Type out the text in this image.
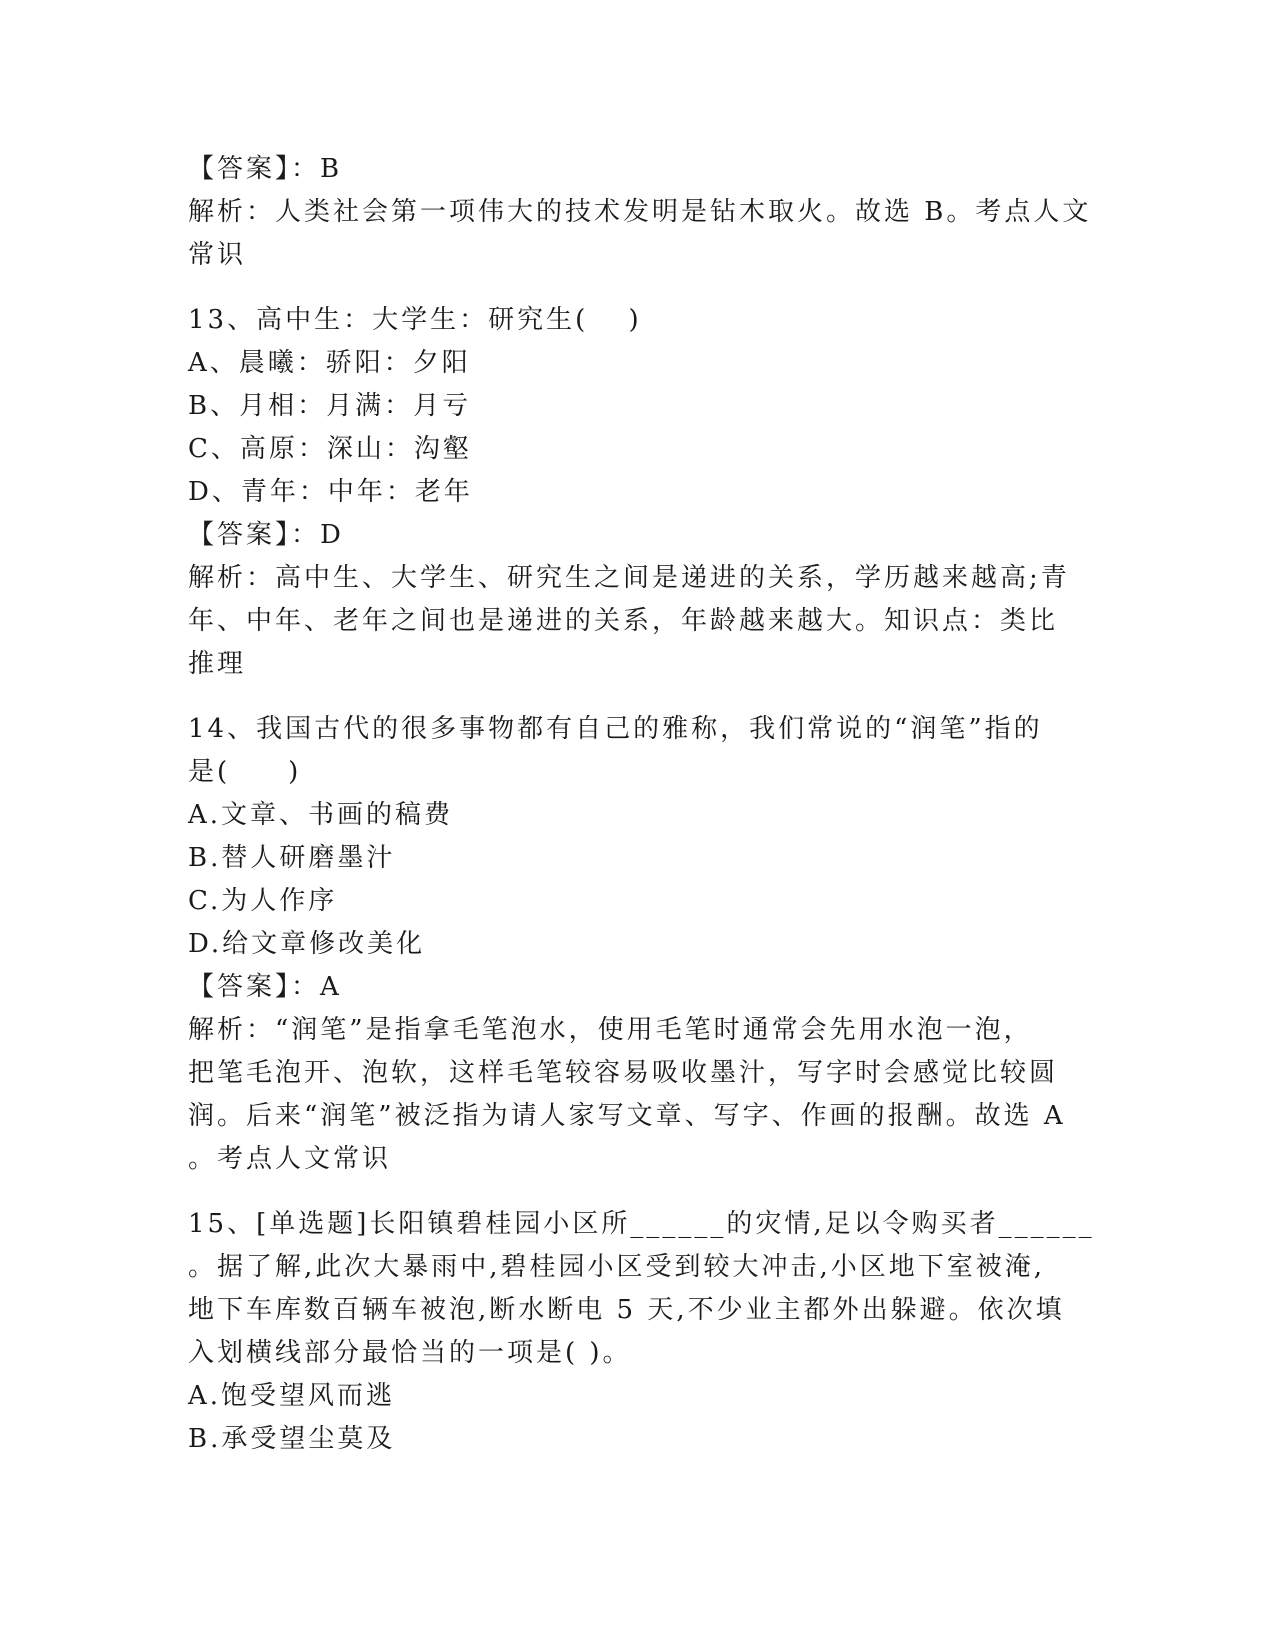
【答案】：B
解析：人类社会第一项伟大的技术发明是钻木取火。故选 B。考点人文
常识
13、高中生：大学生：研究生(　 )
A、晨曦：骄阳：夕阳
B、月相：月满：月亏
C、高原：深山：沟壑
D、青年：中年：老年
【答案】：D
解析：高中生、大学生、研究生之间是递进的关系，学历越来越高;青
年、中年、老年之间也是递进的关系，年龄越来越大。知识点：类比
推理
14、我国古代的很多事物都有自己的雅称，我们常说的“润笔”指的
是(　　)
A.文章、书画的稿费
B.替人研磨墨汁
C.为人作序
D.给文章修改美化
【答案】：A
解析：“润笔”是指拿毛笔泡水，使用毛笔时通常会先用水泡一泡，
把笔毛泡开、泡软，这样毛笔较容易吸收墨汁，写字时会感觉比较圆
润。后来“润笔”被泛指为请人家写文章、写字、作画的报酬。故选 A
。考点人文常识
15、[单选题]长阳镇碧桂园小区所______的灾情,足以令购买者______
。据了解,此次大暴雨中,碧桂园小区受到较大冲击,小区地下室被淹,
地下车库数百辆车被泡,断水断电 5 天,不少业主都外出躲避。依次填
入划横线部分最恰当的一项是( )。
A.饱受望风而逃
B.承受望尘莫及
